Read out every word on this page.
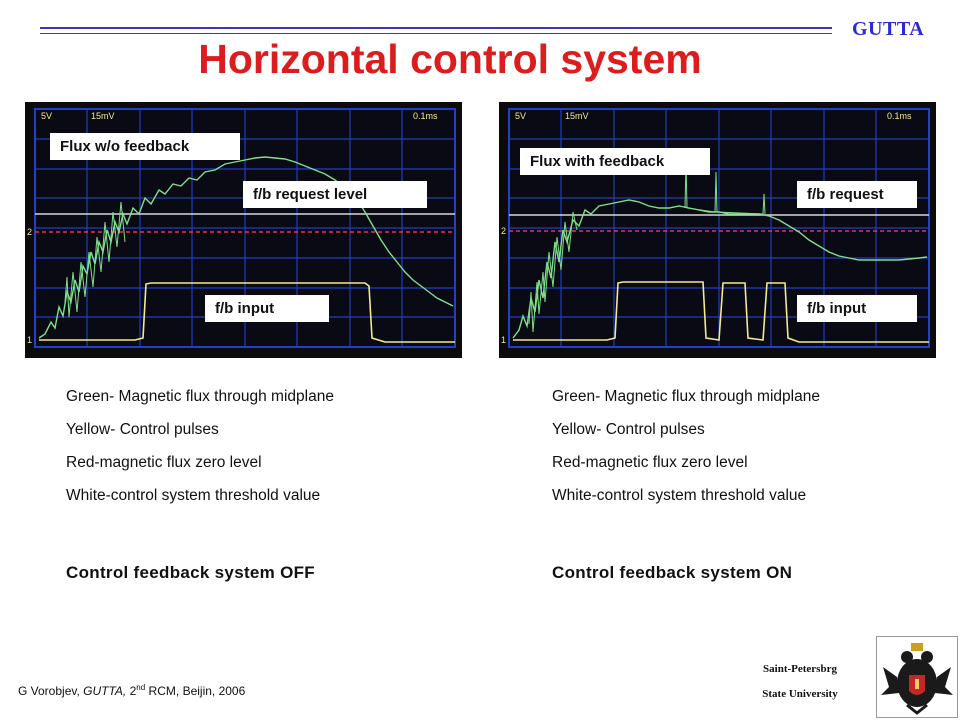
GUTTA
Horizontal control system
5V	15mV	0.1ms
2
1
Flux w/o feedback
f/b request level
f/b input
5V	15mV	0.1ms
2
1
Flux with feedback
f/b request
f/b input
Green- Magnetic flux through midplane
Yellow- Control pulses
Red-magnetic flux zero level
White-control system threshold value
Green- Magnetic flux through midplane
Yellow- Control pulses
Red-magnetic flux zero level
White-control system threshold value
Control feedback system OFF	Control feedback system ON
G Vorobjev, GUTTA, 2nd RCM, Beijin, 2006
Saint-Petersbrg
State University
